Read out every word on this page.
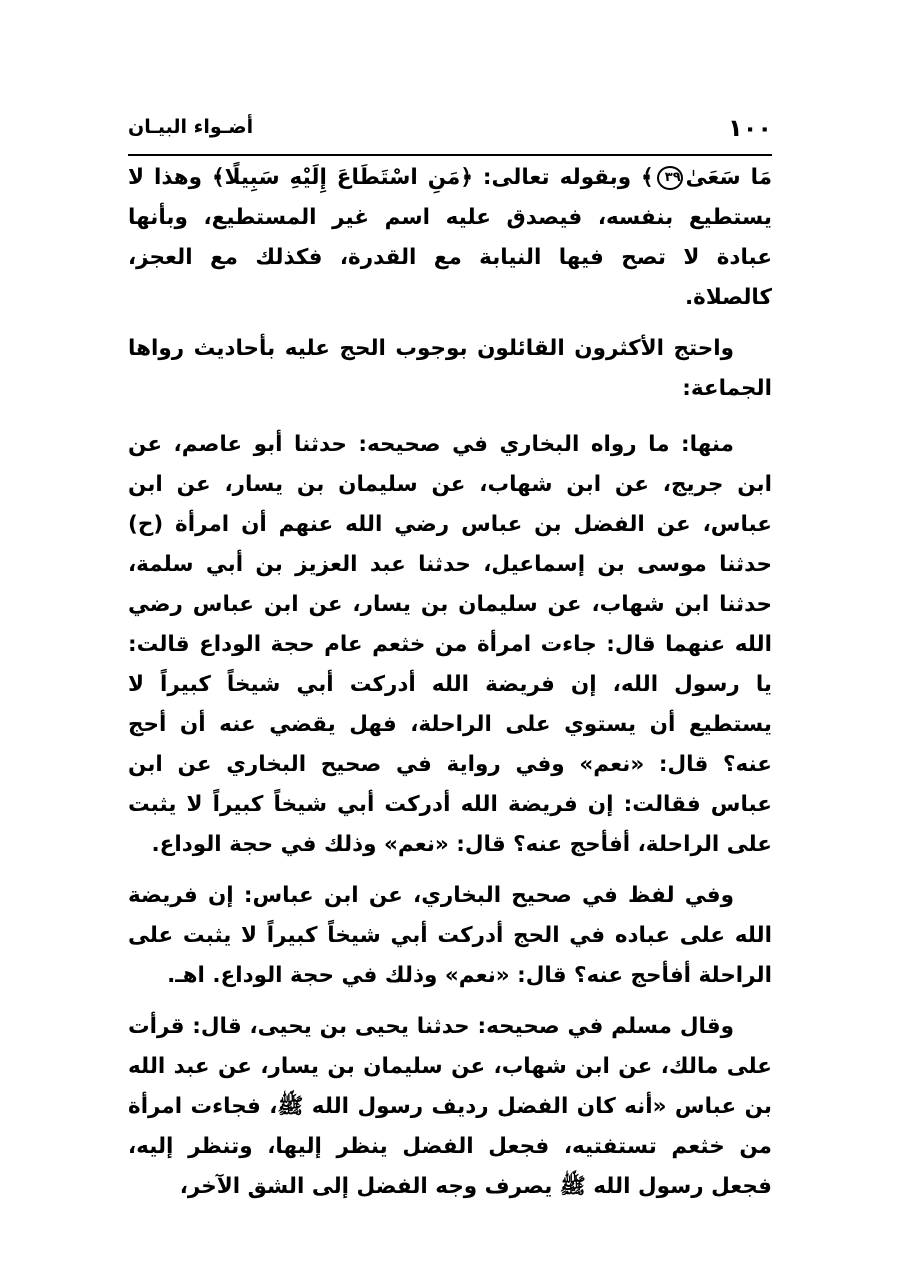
١٠٠
أضـواء البيـان

مَا سَعَىٰ٣٩﴾ وبقوله تعالى: ﴿مَنِ اسْتَطَاعَ إِلَيْهِ سَبِيلًا﴾ وهذا لا يستطيع بنفسه، فيصدق عليه اسم غير المستطيع، وبأنها عبادة لا تصح فيها النيابة مع القدرة، فكذلك مع العجز، كالصلاة.

واحتج الأكثرون القائلون بوجوب الحج عليه بأحاديث رواها الجماعة:

منها: ما رواه البخاري في صحيحه: حدثنا أبو عاصم، عن ابن جريج، عن ابن شهاب، عن سليمان بن يسار، عن ابن عباس، عن الفضل بن عباس رضي الله عنهم أن امرأة (ح) حدثنا موسى بن إسماعيل، حدثنا عبد العزيز بن أبي سلمة، حدثنا ابن شهاب، عن سليمان بن يسار، عن ابن عباس رضي الله عنهما قال: جاءت امرأة من خثعم عام حجة الوداع قالت: يا رسول الله، إن فريضة الله أدركت أبي شيخاً كبيراً لا يستطيع أن يستوي على الراحلة، فهل يقضي عنه أن أحج عنه؟ قال: «نعم» وفي رواية في صحيح البخاري عن ابن عباس فقالت: إن فريضة الله أدركت أبي شيخاً كبيراً لا يثبت على الراحلة، أفأحج عنه؟ قال: «نعم» وذلك في حجة الوداع.

وفي لفظ في صحيح البخاري، عن ابن عباس: إن فريضة الله على عباده في الحج أدركت أبي شيخاً كبيراً لا يثبت على الراحلة أفأحج عنه؟ قال: «نعم» وذلك في حجة الوداع. اهـ.

وقال مسلم في صحيحه: حدثنا يحيى بن يحيى، قال: قرأت على مالك، عن ابن شهاب، عن سليمان بن يسار، عن عبد الله بن عباس «أنه كان الفضل رديف رسول الله ﷺ، فجاءت امرأة من خثعم تستفتيه، فجعل الفضل ينظر إليها، وتنظر إليه، فجعل رسول الله ﷺ يصرف وجه الفضل إلى الشق الآخر،
